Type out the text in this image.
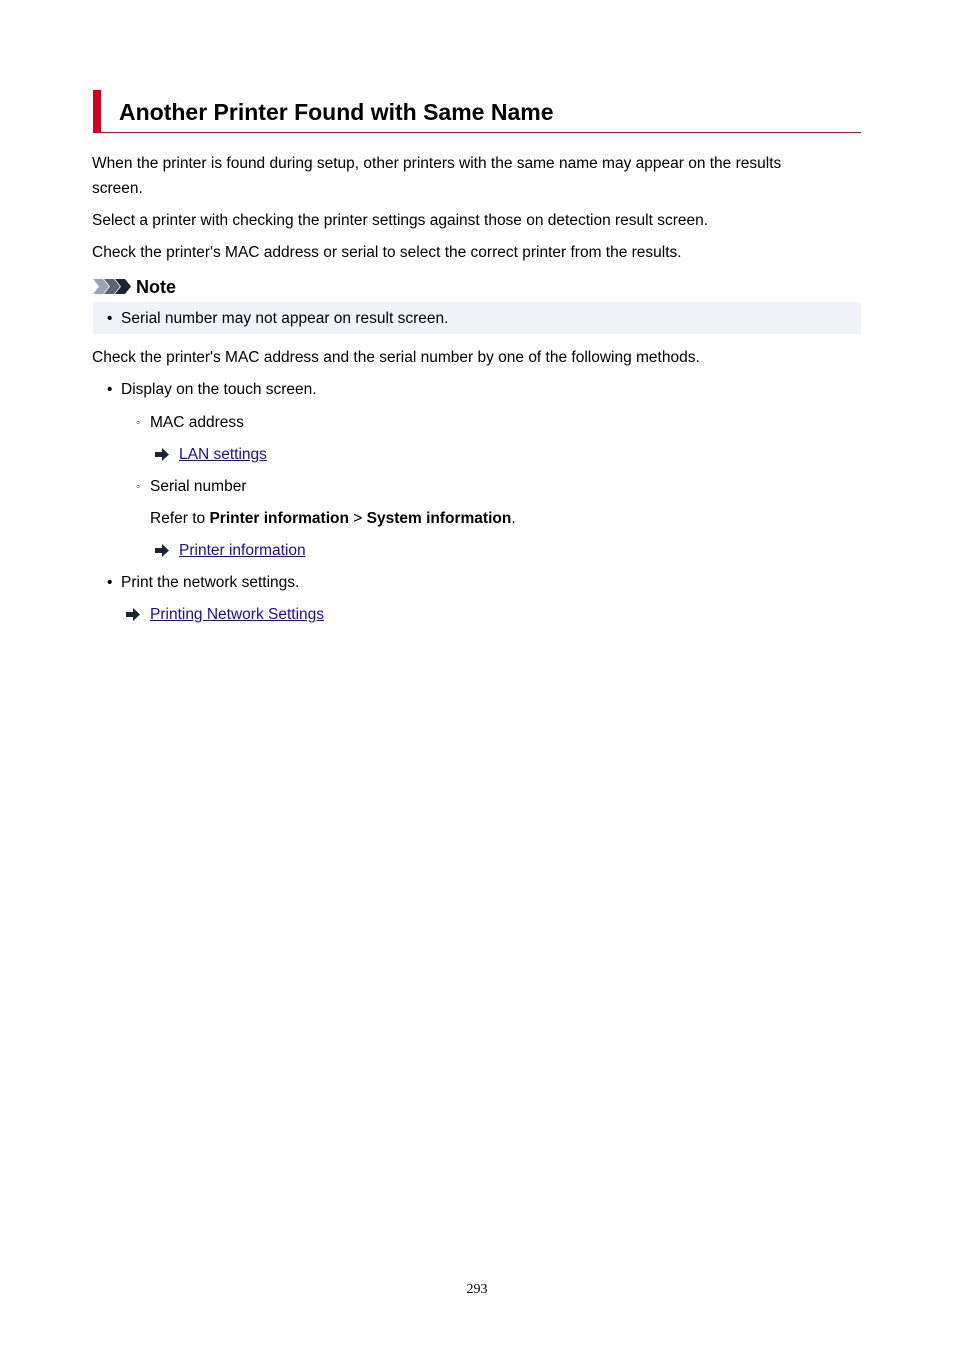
Another Printer Found with Same Name

When the printer is found during setup, other printers with the same name may appear on the results

screen.

Select a printer with checking the printer settings against those on detection result screen.

Check the printer's MAC address or serial to select the correct printer from the results.

Note
• Serial number may not appear on result screen.

Check the printer's MAC address and the serial number by one of the following methods.

• Display on the touch screen.
◦ MAC address
LAN settings
◦ Serial number
Refer to Printer information > System information.
Printer information
• Print the network settings.
Printing Network Settings
293
